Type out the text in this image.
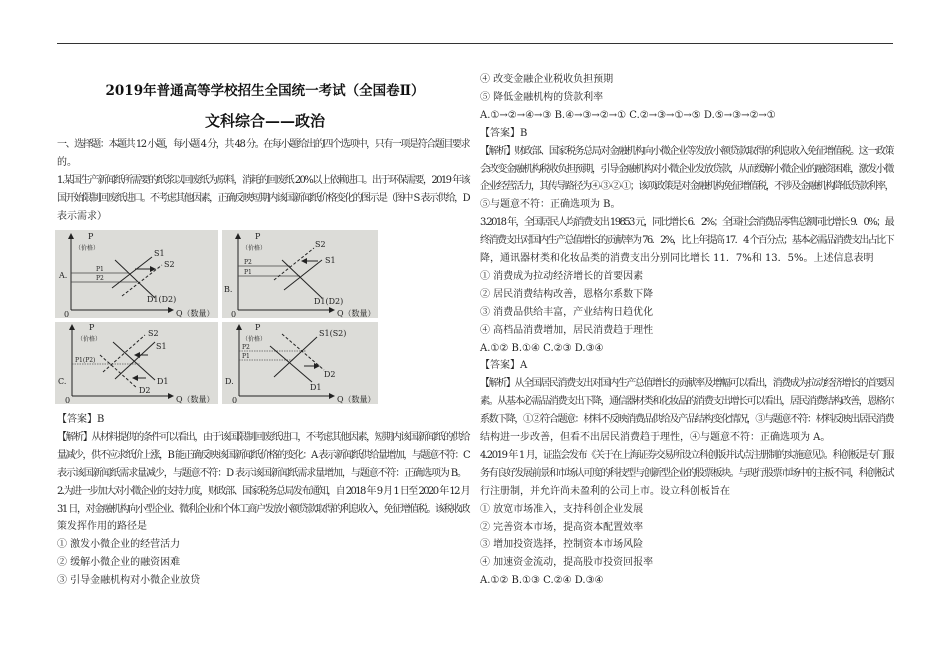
2019年普通高等学校招生全国统一考试（全国卷Ⅱ）
文科综合——政治
一、选择题：本题共 12 小题，每小题 4 分，共 48 分。在每小题给出的四个选项中，只有一项是符合题目要求
的。
1.某国生产新闻纸所需要的纸浆以回废纸为原料，消耗的回废纸 20%以上依赖进口。出于环保需要，2019 年该
国开始限制回废纸进口。不考虑其他因素，正确反映短期内该国新闻纸价格变化的图示是（图中 S 表示供给，D
表示需求）
【答案】B
【解析】从材料提供的条件可以看出，由于该国限制回废纸进口，不考虑其他因素，短期内该国新闻纸的供给
量减少，供不应求纸价上涨，B 能正确反映该国新闻纸价格的变化：A 表示新闻纸供给量增加，与题意不符：C
表示该国新闻纸需求量减少，与题意不符：D 表示该国新闻纸需求量增加，与题意不符：正确选项为 B。
2.为进一步加大对小微企业的支持力度，财政部、国家税务总局发布通知，自 2018 年 9 月 1 日至 2020 年 12 月
31 日，对金融机构向小型企业、微利企业和个体工商户发放小额贷款取得的利息收入，免征增值税。该税收政
策发挥作用的路径是
① 激发小微企业的经营活力
② 缓解小微企业的融资困难
③ 引导金融机构对小微企业放贷
④ 改变金融企业税收负担预期
⑤ 降低金融机构的贷款利率
A.①→②→④→③ B.④→③→②→① C.②→③→①→⑤ D.⑤→③→②→①
【答案】B
【解析】财政部、国家税务总局对金融机构向小微企业等发放小额贷款取得的利息收入免征增值税。这一政策
会改变金融机构税收负担预期，引导金融机构对小微企业发放贷款，从而缓解小微企业的融资困难，激发小微
企业经营活力，其传导路径为④-③-②-①；该项政策是对金融机构免征增值税，不涉及金融机构降低贷款利率，
⑤与题意不符：正确选项为 B。
3.2018 年，全国居民人均消费支出 19853 元，同比增长 6．2%；全国社会消费品零售总额同比增长 9．0%；最
终消费支出对国内生产总值增长的贡献率为 76．2%，比上年提高 17．4 个百分点；基本必需品消费支出占比下
降，通讯器材类和化妆品类的消费支出分别同比增长 11．7%和 13．5%。上述信息表明
① 消费成为拉动经济增长的首要因素
② 居民消费结构改善，恩格尔系数下降
③ 消费品供给丰富，产业结构日趋优化
④ 高档品消费增加，居民消费趋于理性
A.①② B.①④ C.②③ D.③④
【答案】A
【解析】从全国居民消费支出对国内生产总值增长的贡献率及增幅可以看出，消费成为拉动经济增长的首要因
素。从基本必需品消费支出下降，通信器材类和化妆品的消费支出增长可以看出，居民消费结构改善，恩格尔
系数下降，①②符合题意：材料不反映消费品供给及产品结构变化情况，③与题意不符：材料反映出居民消费
结构进一步改善，但看不出居民消费趋于理性，④与题意不符：正确选项为 A。
4.2019 年 1 月，证监会发布《关于在上海证券交易所设立科创版并试点注册制的实施意见》。科创板是专门服
务有良好发展前景和市场认可度的科技型与创新型企业的股票板块。与现行股票市场中的主板不同，科创板试
行注册制，并允许尚未盈利的公司上市。设立科创板旨在
① 放宽市场准入，支持科创企业发展
② 完善资本市场，提高资本配置效率
③ 增加投资选择，控制资本市场风险
④ 加速资金流动，提高股市投资回报率
A.①② B.①③ C.②④ D.③④
P
（价格）
A.
0	Q（数量）
S1
S2
D1(D2)
P1
P2
P
（价格）
B.
0	Q（数量）
S1
S2
D1(D2)
P1
P2
P
（价格）
C.
0	Q（数量）
S1
S2
D1
D2
P1(P2)
P
（价格）
D.
0	Q（数量）
S1(S2)
D1
D2
P2
P1
